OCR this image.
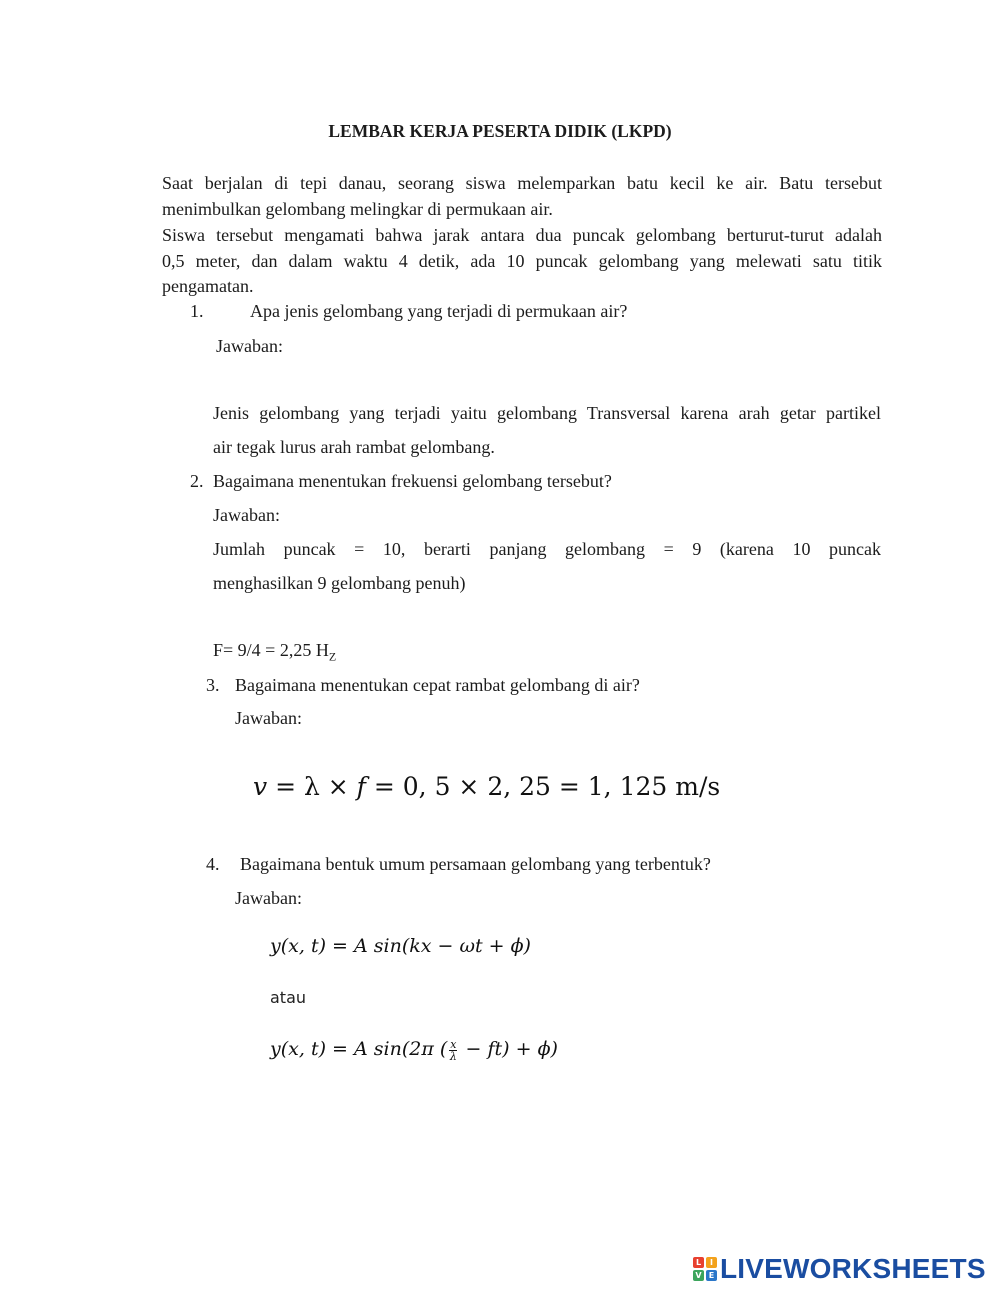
LEMBAR KERJA PESERTA DIDIK (LKPD)
Saat berjalan di tepi danau, seorang siswa melemparkan batu kecil ke air. Batu tersebut
menimbulkan gelombang melingkar di permukaan air.
Siswa tersebut mengamati bahwa jarak antara dua puncak gelombang berturut-turut adalah
0,5 meter, dan dalam waktu 4 detik, ada 10 puncak gelombang yang melewati satu titik
pengamatan.
1.	Apa jenis gelombang yang terjadi di permukaan air?
Jawaban:
Jenis gelombang yang terjadi yaitu gelombang Transversal karena arah getar partikel
air tegak lurus arah rambat gelombang.
2. Bagaimana menentukan frekuensi gelombang tersebut?
Jawaban:
Jumlah puncak = 10, berarti panjang gelombang = 9 (karena 10 puncak
menghasilkan 9 gelombang penuh)
F= 9/4 = 2,25 $H_Z$
3. Bagaimana menentukan cepat rambat gelombang di air?
Jawaban:
v = λ × f = 0, 5 × 2, 25 = 1, 125 m/s
4. Bagaimana bentuk umum persamaan gelombang yang terbentuk?
Jawaban:
y(x, t) = A sin(kx − ωt + ϕ)
atau
y(x, t) = A sin(2π ( $\frac{x}{\lambda} - ft) + \phi$)
L	I
V E LIVEWORKSHEETS
